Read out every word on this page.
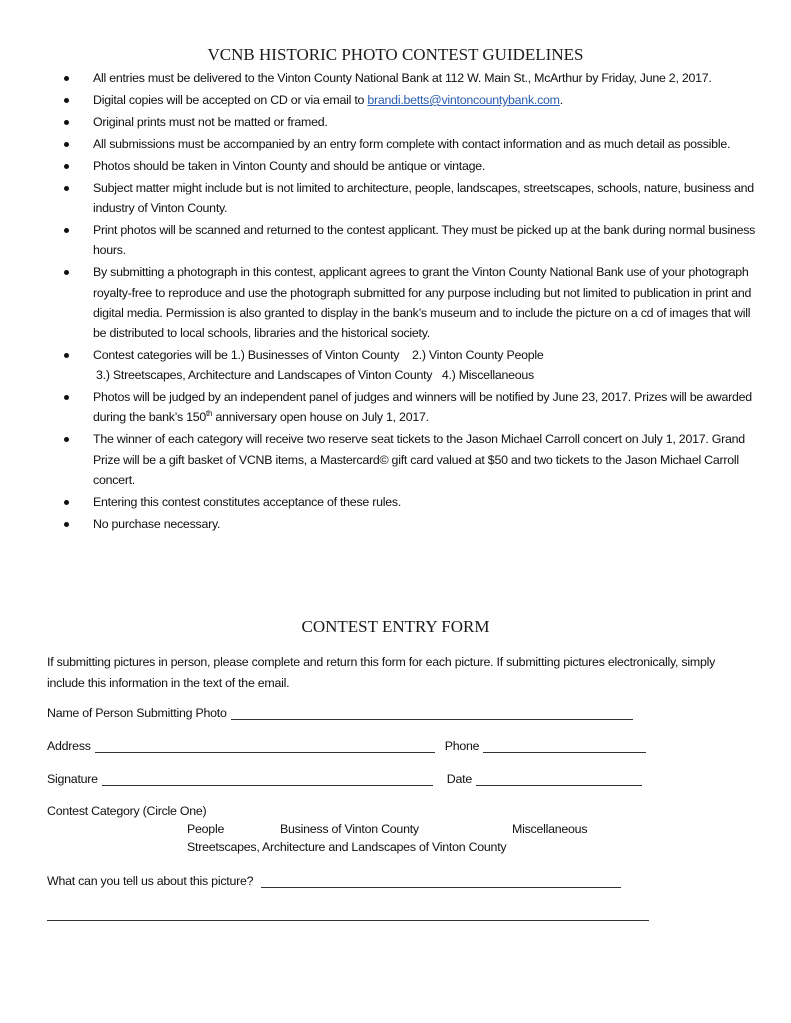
VCNB HISTORIC PHOTO CONTEST GUIDELINES
All entries must be delivered to the Vinton County National Bank at 112 W. Main St., McArthur by Friday, June 2, 2017.
Digital copies will be accepted on CD or via email to brandi.betts@vintoncountybank.com.
Original prints must not be matted or framed.
All submissions must be accompanied by an entry form complete with contact information and as much detail as possible.
Photos should be taken in Vinton County and should be antique or vintage.
Subject matter might include but is not limited to architecture, people, landscapes, streetscapes, schools, nature, business and industry of Vinton County.
Print photos will be scanned and returned to the contest applicant. They must be picked up at the bank during normal business hours.
By submitting a photograph in this contest, applicant agrees to grant the Vinton County National Bank use of your photograph royalty-free to reproduce and use the photograph submitted for any purpose including but not limited to publication in print and digital media. Permission is also granted to display in the bank’s museum and to include the picture on a cd of images that will be distributed to local schools, libraries and the historical society.
Contest categories will be 1.) Businesses of Vinton County    2.) Vinton County People
3.) Streetscapes, Architecture and Landscapes of Vinton County   4.) Miscellaneous
Photos will be judged by an independent panel of judges and winners will be notified by June 23, 2017. Prizes will be awarded during the bank’s 150th anniversary open house on July 1, 2017.
The winner of each category will receive two reserve seat tickets to the Jason Michael Carroll concert on July 1, 2017. Grand Prize will be a gift basket of VCNB items, a Mastercard© gift card valued at $50 and two tickets to the Jason Michael Carroll concert.
Entering this contest constitutes acceptance of these rules.
No purchase necessary.
CONTEST ENTRY FORM
If submitting pictures in person, please complete and return this form for each picture. If submitting pictures electronically, simply include this information in the text of the email.
Name of Person Submitting Photo
Address	Phone
Signature	Date
Contest Category (Circle One)
People	Business of Vinton County	Miscellaneous
Streetscapes, Architecture and Landscapes of Vinton County
What can you tell us about this picture?
